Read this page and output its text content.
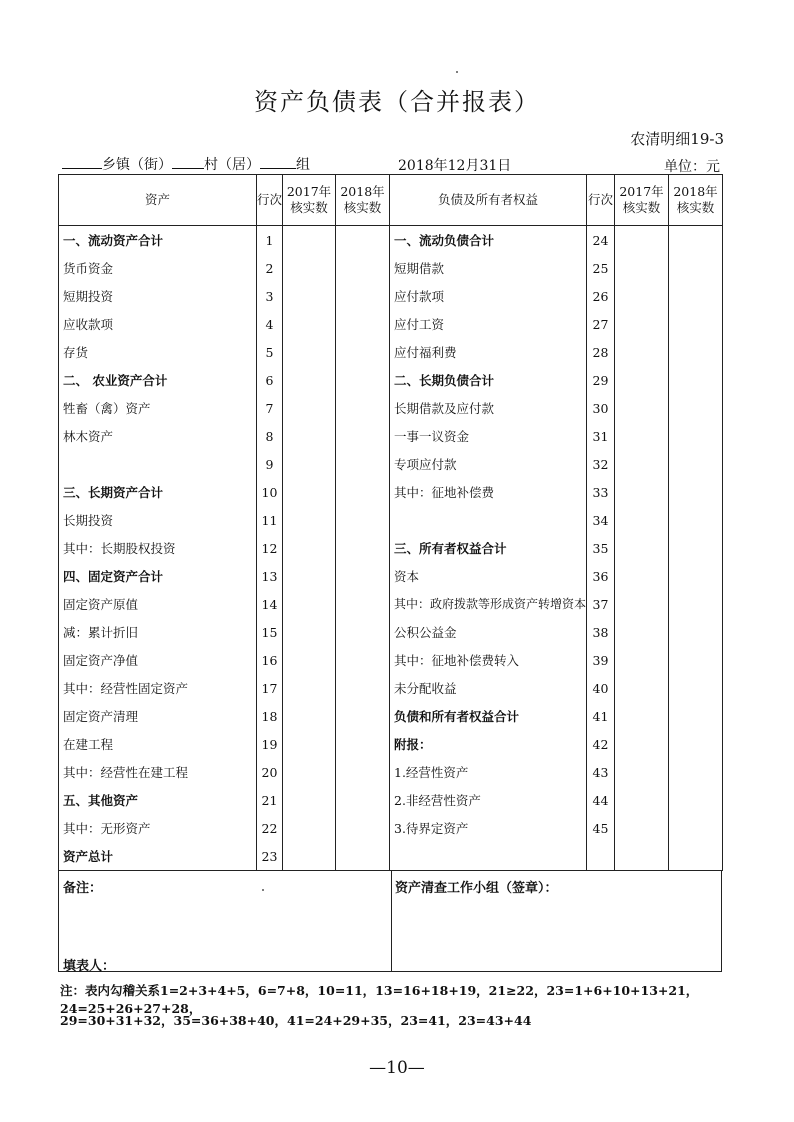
资产负债表（合并报表）
农清明细19-3
乡镇（街） 村（居）	组	2018年12月31日	单位：元
资产	行次	2017年核实数	2018年核实数	负债及所有者权益	行次	2017年核实数	2018年核实数
一、流动资产合计	1			一、流动负债合计	24		
货币资金	2			短期借款	25		
短期投资	3			应付款项	26		
应收款项	4			应付工资	27		
存货	5			应付福利费	28		
二、 农业资产合计	6			二、长期负债合计	29		
牲畜（禽）资产	7			长期借款及应付款	30		
林木资产	8			一事一议资金	31		
	9			专项应付款	32		
三、长期资产合计	10			其中：征地补偿费	33		
长期投资	11				34		
其中：长期股权投资	12			三、所有者权益合计	35		
四、固定资产合计	13			资本	36		
固定资产原值	14			其中：政府拨款等形成资产转增资本	37		
减：累计折旧	15			公积公益金	38		
固定资产净值	16			其中：征地补偿费转入	39		
其中：经营性固定资产	17			未分配收益	40		
固定资产清理	18			负债和所有者权益合计	41		
在建工程	19			附报：	42		
其中：经营性在建工程	20			1.经营性资产	43		
五、其他资产	21			2.非经营性资产	44		
其中：无形资产	22			3.待界定资产	45		
资产总计	23						
备注：
填表人：
资产清查工作小组（签章）：
注：表内勾稽关系1=2+3+4+5，6=7+8，10=11，13=16+18+19，21≥22，23=1+6+10+13+21，24=25+26+27+28，
29=30+31+32，35=36+38+40，41=24+29+35，23=41，23=43+44
—10—
